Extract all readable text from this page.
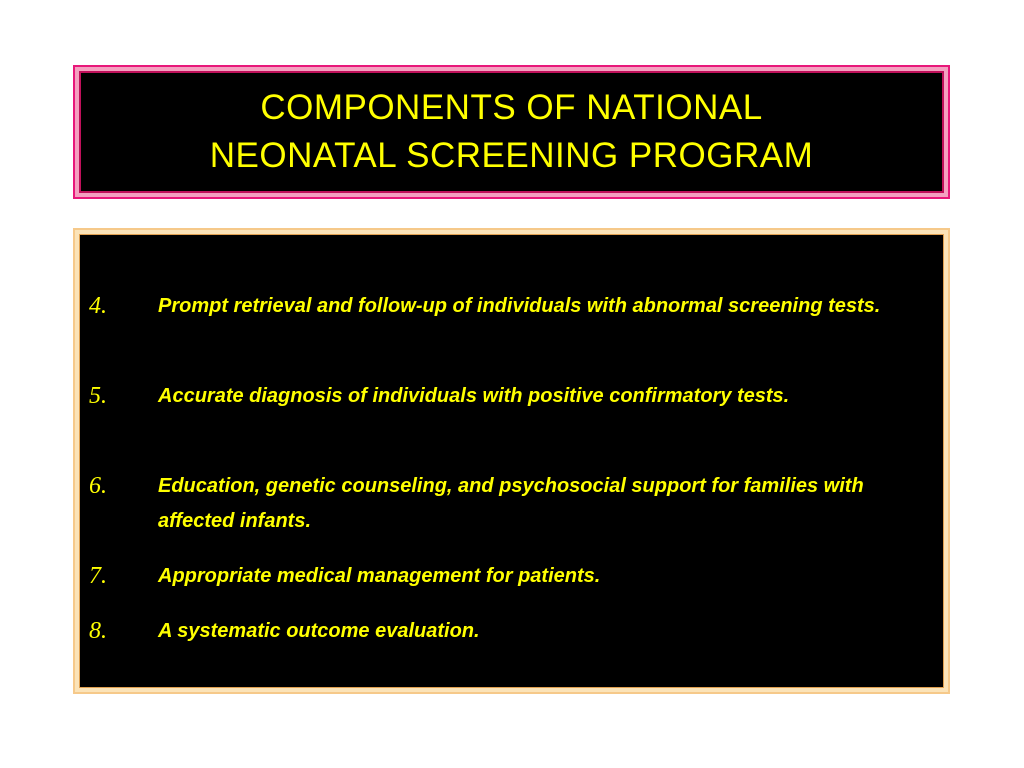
COMPONENTS OF NATIONAL
NEONATAL SCREENING PROGRAM
4.	Prompt retrieval and follow-up of individuals with abnormal screening tests.
5.	Accurate diagnosis of individuals with positive confirmatory tests.
6.	Education, genetic counseling, and psychosocial support for families with affected infants.
7.	Appropriate medical management for patients.
8.	A systematic outcome evaluation.
